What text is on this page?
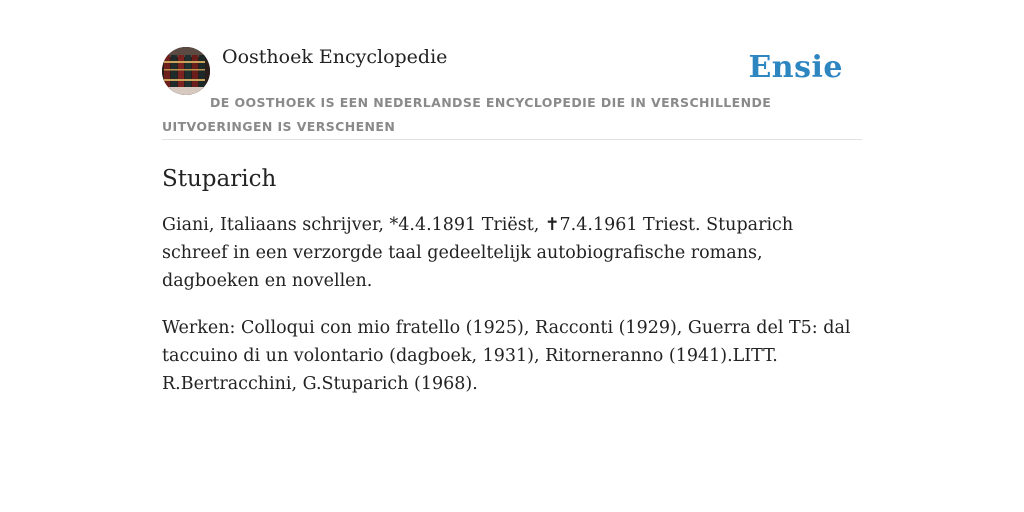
Oosthoek Encyclopedie	Ensie
DE OOSTHOEK IS EEN NEDERLANDSE ENCYCLOPEDIE DIE IN VERSCHILLENDE UITVOERINGEN IS VERSCHENEN
Stuparich

Giani, Italiaans schrijver, *4.4.1891 Triëst, ✝7.4.1961 Triest. Stuparich schreef in een verzorgde taal gedeeltelijk autobiografische romans, dagboeken en novellen.

Werken: Colloqui con mio fratello (1925), Racconti (1929), Guerra del T5: dal taccuino di un volontario (dagboek, 1931), Ritorneranno (1941).LITT. R.Bertracchini, G.Stuparich (1968).
